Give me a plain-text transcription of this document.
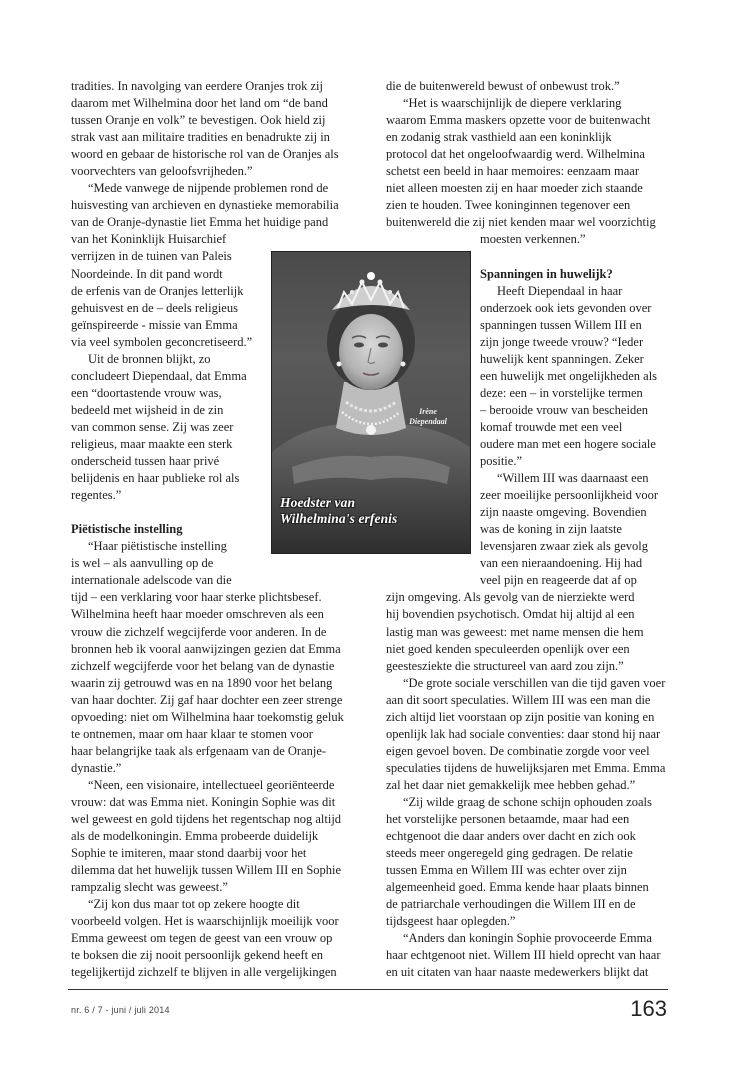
tradities. In navolging van eerdere Oranjes trok zij
daarom met Wilhelmina door het land om “de band
tussen Oranje en volk” te bevestigen. Ook hield zij
strak vast aan militaire tradities en benadrukte zij in
woord en gebaar de historische rol van de Oranjes als
voorvechters van geloofsvrijheden.”
“Mede vanwege de nijpende problemen rond de
huisvesting van archieven en dynastieke memorabilia
van de Oranje-dynastie liet Emma het huidige pand
van het Koninklijk Huisarchief
verrijzen in de tuinen van Paleis
Noordeinde. In dit pand wordt
de erfenis van de Oranjes letterlijk
gehuisvest en de – deels religieus
geïnspireerde - missie van Emma
via veel symbolen geconcretiseerd.”
Uit de bronnen blijkt, zo
concludeert Diependaal, dat Emma
een “doortastende vrouw was,
bedeeld met wijsheid in de zin
van common sense. Zij was zeer
religieus, maar maakte een sterk
onderscheid tussen haar privé
belijdenis en haar publieke rol als
regentes.”
Piëtistische instelling
“Haar piëtistische instelling
is wel – als aanvulling op de
internationale adelscode van die
tijd – een verklaring voor haar sterke plichtsbesef.
Wilhelmina heeft haar moeder omschreven als een
vrouw die zichzelf wegcijferde voor anderen. In de
bronnen heb ik vooral aanwijzingen gezien dat Emma
zichzelf wegcijferde voor het belang van de dynastie
waarin zij getrouwd was en na 1890 voor het belang
van haar dochter. Zij gaf haar dochter een zeer strenge
opvoeding: niet om Wilhelmina haar toekomstig geluk
te ontnemen, maar om haar klaar te stomen voor
haar belangrijke taak als erfgenaam van de Oranje-
dynastie.”
“Neen, een visionaire, intellectueel georiënteerde
vrouw: dat was Emma niet. Koningin Sophie was dit
wel geweest en gold tijdens het regentschap nog altijd
als de modelkoningin. Emma probeerde duidelijk
Sophie te imiteren, maar stond daarbij voor het
dilemma dat het huwelijk tussen Willem III en Sophie
rampzalig slecht was geweest.”
“Zij kon dus maar tot op zekere hoogte dit
voorbeeld volgen. Het is waarschijnlijk moeilijk voor
Emma geweest om tegen de geest van een vrouw op
te boksen die zij nooit persoonlijk gekend heeft en
tegelijkertijd zichzelf te blijven in alle vergelijkingen
die de buitenwereld bewust of onbewust trok.”
“Het is waarschijnlijk de diepere verklaring
waarom Emma maskers opzette voor de buitenwacht
en zodanig strak vasthield aan een koninklijk
protocol dat het ongeloofwaardig werd. Wilhelmina
schetst een beeld in haar memoires: eenzaam maar
niet alleen moesten zij en haar moeder zich staande
zien te houden. Twee koninginnen tegenover een
buitenwereld die zij niet kenden maar wel voorzichtig
moesten verkennen.”
Spanningen in huwelijk?
Heeft Diependaal in haar
onderzoek ook iets gevonden over
spanningen tussen Willem III en
zijn jonge tweede vrouw? “Ieder
huwelijk kent spanningen. Zeker
een huwelijk met ongelijkheden als
deze: een – in vorstelijke termen
– berooide vrouw van bescheiden
komaf trouwde met een veel
oudere man met een hogere sociale
positie.”
“Willem III was daarnaast een
zeer moeilijke persoonlijkheid voor
zijn naaste omgeving. Bovendien
was de koning in zijn laatste
levensjaren zwaar ziek als gevolg
van een nieraandoening. Hij had
veel pijn en reageerde dat af op
zijn omgeving. Als gevolg van de nierziekte werd
hij bovendien psychotisch. Omdat hij altijd al een
lastig man was geweest: met name mensen die hem
niet goed kenden speculeerden openlijk over een
geestesziekte die structureel van aard zou zijn.”
“De grote sociale verschillen van die tijd gaven voer
aan dit soort speculaties. Willem III was een man die
zich altijd liet voorstaan op zijn positie van koning en
openlijk lak had sociale conventies: daar stond hij naar
eigen gevoel boven. De combinatie zorgde voor veel
speculaties tijdens de huwelijksjaren met Emma. Emma
zal het daar niet gemakkelijk mee hebben gehad.”
“Zij wilde graag de schone schijn ophouden zoals
het vorstelijke personen betaamde, maar had een
echtgenoot die daar anders over dacht en zich ook
steeds meer ongeregeld ging gedragen. De relatie
tussen Emma en Willem III was echter over zijn
algemeenheid goed. Emma kende haar plaats binnen
de patriarchale verhoudingen die Willem III en de
tijdsgeest haar oplegden.”
“Anders dan koningin Sophie provoceerde Emma
haar echtgenoot niet. Willem III hield oprecht van haar
en uit citaten van haar naaste medewerkers blijkt dat
Irène
Diependaal
Hoedster van
Wilhelmina's erfenis
nr. 6 / 7 - juni / juli 2014	163
